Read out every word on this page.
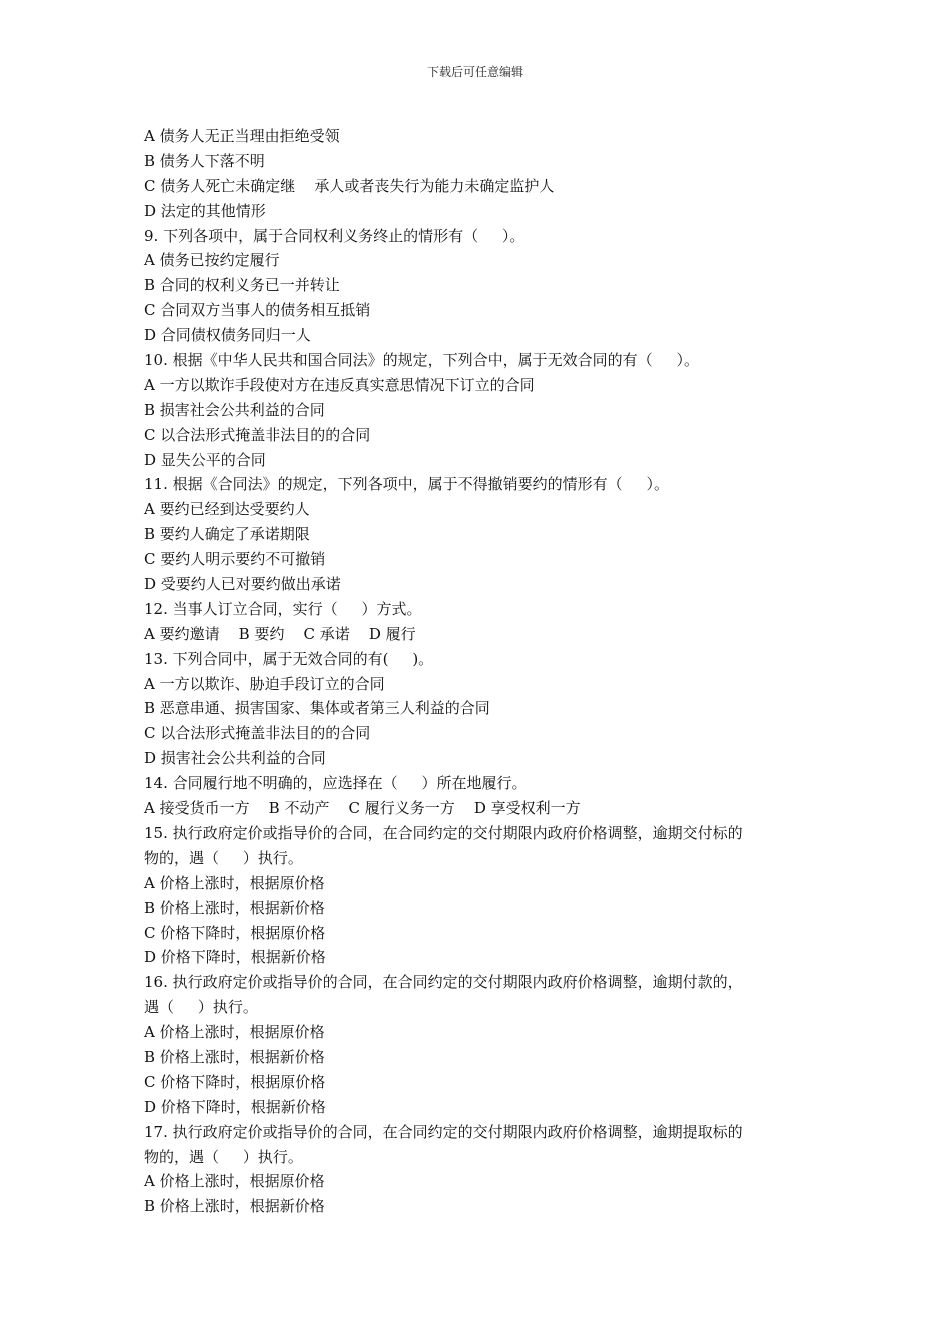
下载后可任意编辑
A 债务人无正当理由拒绝受领
B 债务人下落不明
C 债务人死亡未确定继    承人或者丧失行为能力未确定监护人
D 法定的其他情形
9. 下列各项中，属于合同权利义务终止的情形有（     ）。
A 债务已按约定履行
B 合同的权利义务已一并转让
C 合同双方当事人的债务相互抵销
D 合同债权债务同归一人
10. 根据《中华人民共和国合同法》的规定，下列合中，属于无效合同的有（     ）。
A 一方以欺诈手段使对方在违反真实意思情况下订立的合同
B 损害社会公共利益的合同
C 以合法形式掩盖非法目的的合同
D 显失公平的合同
11. 根据《合同法》的规定，下列各项中，属于不得撤销要约的情形有（     ）。
A 要约已经到达受要约人
B 要约人确定了承诺期限
C 要约人明示要约不可撤销
D 受要约人已对要约做出承诺
12. 当事人订立合同，实行（     ）方式。
A 要约邀请    B 要约    C 承诺    D 履行
13. 下列合同中，属于无效合同的有(     )。
A 一方以欺诈、胁迫手段订立的合同
B 恶意串通、损害国家、集体或者第三人利益的合同
C 以合法形式掩盖非法目的的合同
D 损害社会公共利益的合同
14. 合同履行地不明确的，应选择在（     ）所在地履行。
A 接受货币一方    B 不动产    C 履行义务一方    D 享受权利一方
15. 执行政府定价或指导价的合同，在合同约定的交付期限内政府价格调整，逾期交付标的
物的，遇（     ）执行。
A 价格上涨时，根据原价格
B 价格上涨时，根据新价格
C 价格下降时，根据原价格
D 价格下降时，根据新价格
16. 执行政府定价或指导价的合同，在合同约定的交付期限内政府价格调整，逾期付款的，
遇（     ）执行。
A 价格上涨时，根据原价格
B 价格上涨时，根据新价格
C 价格下降时，根据原价格
D 价格下降时，根据新价格
17. 执行政府定价或指导价的合同，在合同约定的交付期限内政府价格调整，逾期提取标的
物的，遇（     ）执行。
A 价格上涨时，根据原价格
B 价格上涨时，根据新价格
